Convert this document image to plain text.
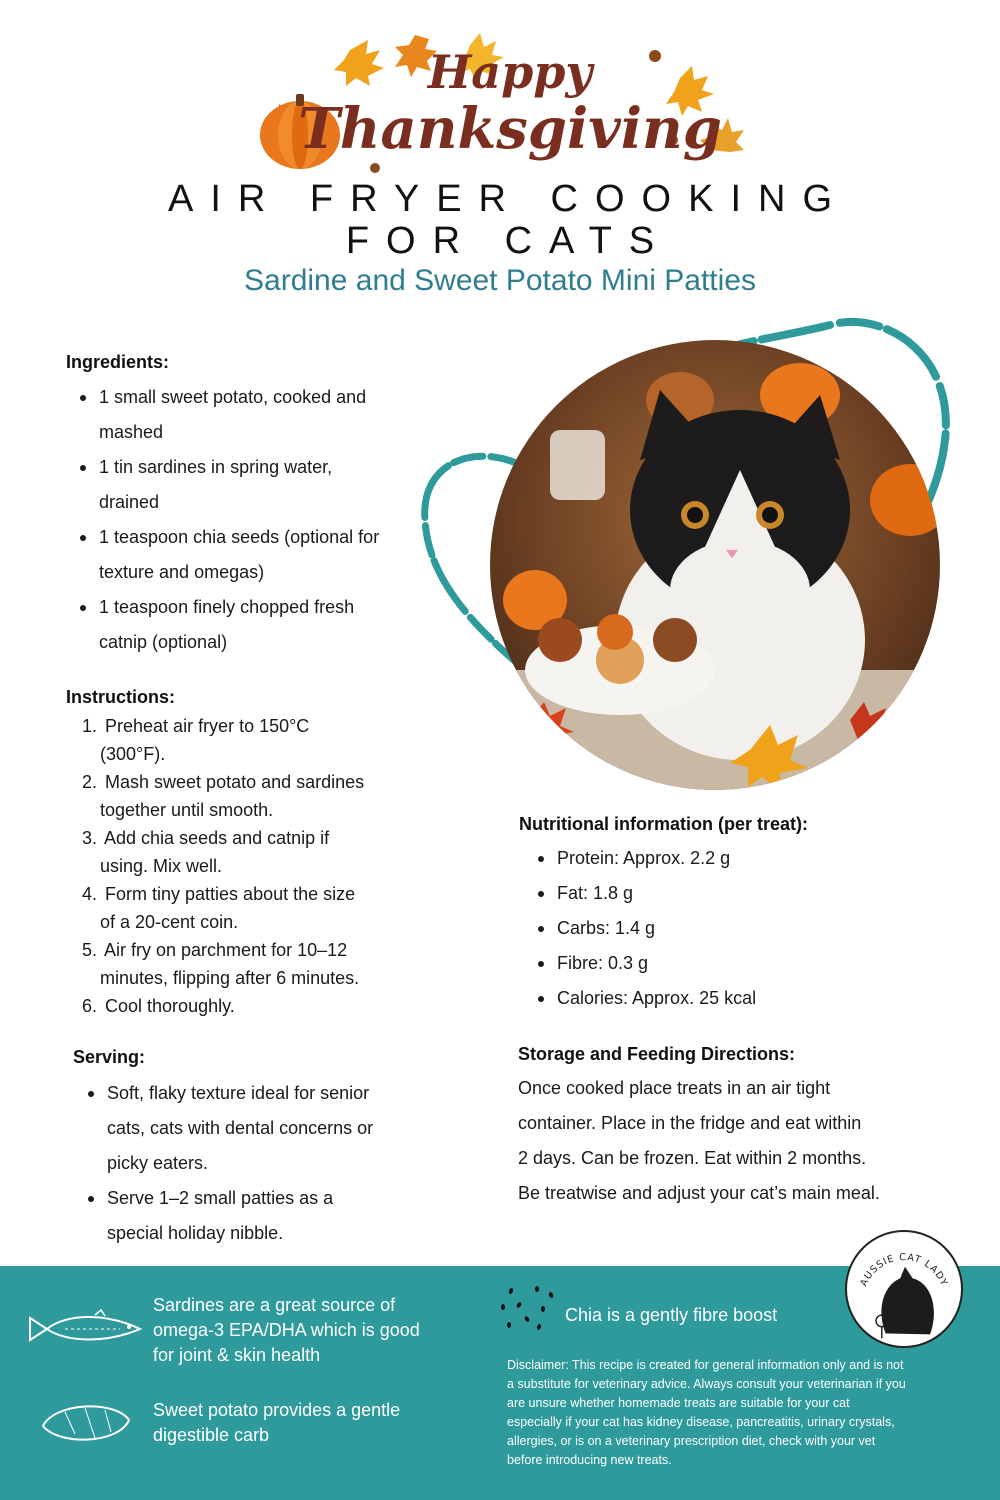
Happy
Thanksgiving
AIR FRYER COOKING
FOR CATS
Sardine and Sweet Potato Mini Patties
Ingredients:
1 small sweet potato, cooked and
mashed
1 tin sardines in spring water,
drained
1 teaspoon chia seeds (optional for
texture and omegas)
1 teaspoon finely chopped fresh
catnip (optional)
Instructions:
1. Preheat air fryer to 150°C
(300°F).
2. Mash sweet potato and sardines
together until smooth.
3. Add chia seeds and catnip if
using. Mix well.
4. Form tiny patties about the size
of a 20-cent coin.
5. Air fry on parchment for 10–12
minutes, flipping after 6 minutes.
6. Cool thoroughly.
Serving:
Soft, flaky texture ideal for senior
cats, cats with dental concerns or
picky eaters.
Serve 1–2 small patties as a
special holiday nibble.
Nutritional information (per treat):
Protein: Approx. 2.2 g
Fat: 1.8 g
Carbs: 1.4 g
Fibre: 0.3 g
Calories: Approx. 25 kcal
Storage and Feeding Directions:
Once cooked place treats in an air tight
container. Place in the fridge and eat within
2 days. Can be frozen. Eat within 2 months.
Be treatwise and adjust your cat’s main meal.
Sardines are a great source of
omega-3 EPA/DHA which is good
for joint & skin health
Sweet potato provides a gentle
digestible carb
Chia is a gently fibre boost
Disclaimer: This recipe is created for general information only and is not
a substitute for veterinary advice. Always consult your veterinarian if you
are unsure whether homemade treats are suitable for your cat
especially if your cat has kidney disease, pancreatitis, urinary crystals,
allergies, or is on a veterinary prescription diet, check with your vet
before introducing new treats.
AUSSIE CAT LADY
